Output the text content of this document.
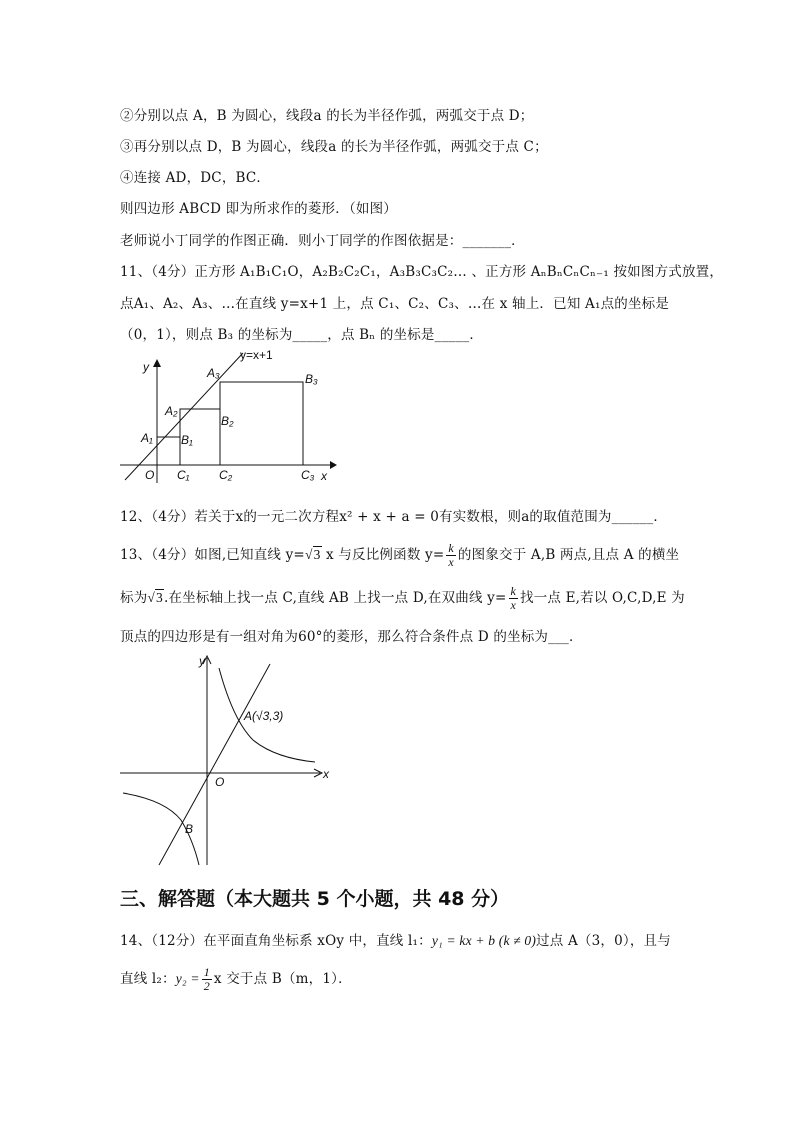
②分别以点 A，B 为圆心，线段a 的长为半径作弧，两弧交于点 D；
③再分别以点 D，B 为圆心，线段a 的长为半径作弧，两弧交于点 C；
④连接 AD，DC，BC．
则四边形 ABCD 即为所求作的菱形．（如图）
老师说小丁同学的作图正确．则小丁同学的作图依据是：_______．
11、（4分）正方形 A₁B₁C₁O，A₂B₂C₂C₁，A₃B₃C₃C₂… 、正方形 AₙBₙCₙCₙ₋₁ 按如图方式放置，
点A₁、A₂、A₃、…在直线 y=x+1 上，点 C₁、C₂、C₃、…在 x 轴上．已知 A₁点的坐标是
（0，1），则点 B₃ 的坐标为_____，点 Bₙ 的坐标是_____．
y=x+1
y
x
O
A₁
A₂
A₃
B₁
B₂
B₃
C₁ C₂	C₃
12、（4分）若关于x的一元二次方程x² + x + a = 0有实数根，则a的取值范围为______．
13、（4分）如图,已知直线 y=√3 x 与反比例函数 $y= \frac{k}{x}$ 的图象交于 A,B 两点,且点 A 的横坐
标为√3.在坐标轴上找一点 C,直线 AB 上找一点 D,在双曲线 $y= \frac{k}{x}$ 找一点 E,若以 O,C,D,E 为
顶点的四边形是有一组对角为60°的菱形，那么符合条件点 D 的坐标为___．
y
x
O
A(√3,3)
B
三、解答题（本大题共 5 个小题，共 48 分）
14、（12分）在平面直角坐标系 xOy 中，直线 l₁：y₁ = kx + b (k ≠ 0)过点 A（3，0），且与
直线 l₂：$y_2 = \frac{1}{2}$ x 交于点 B（m，1）．
